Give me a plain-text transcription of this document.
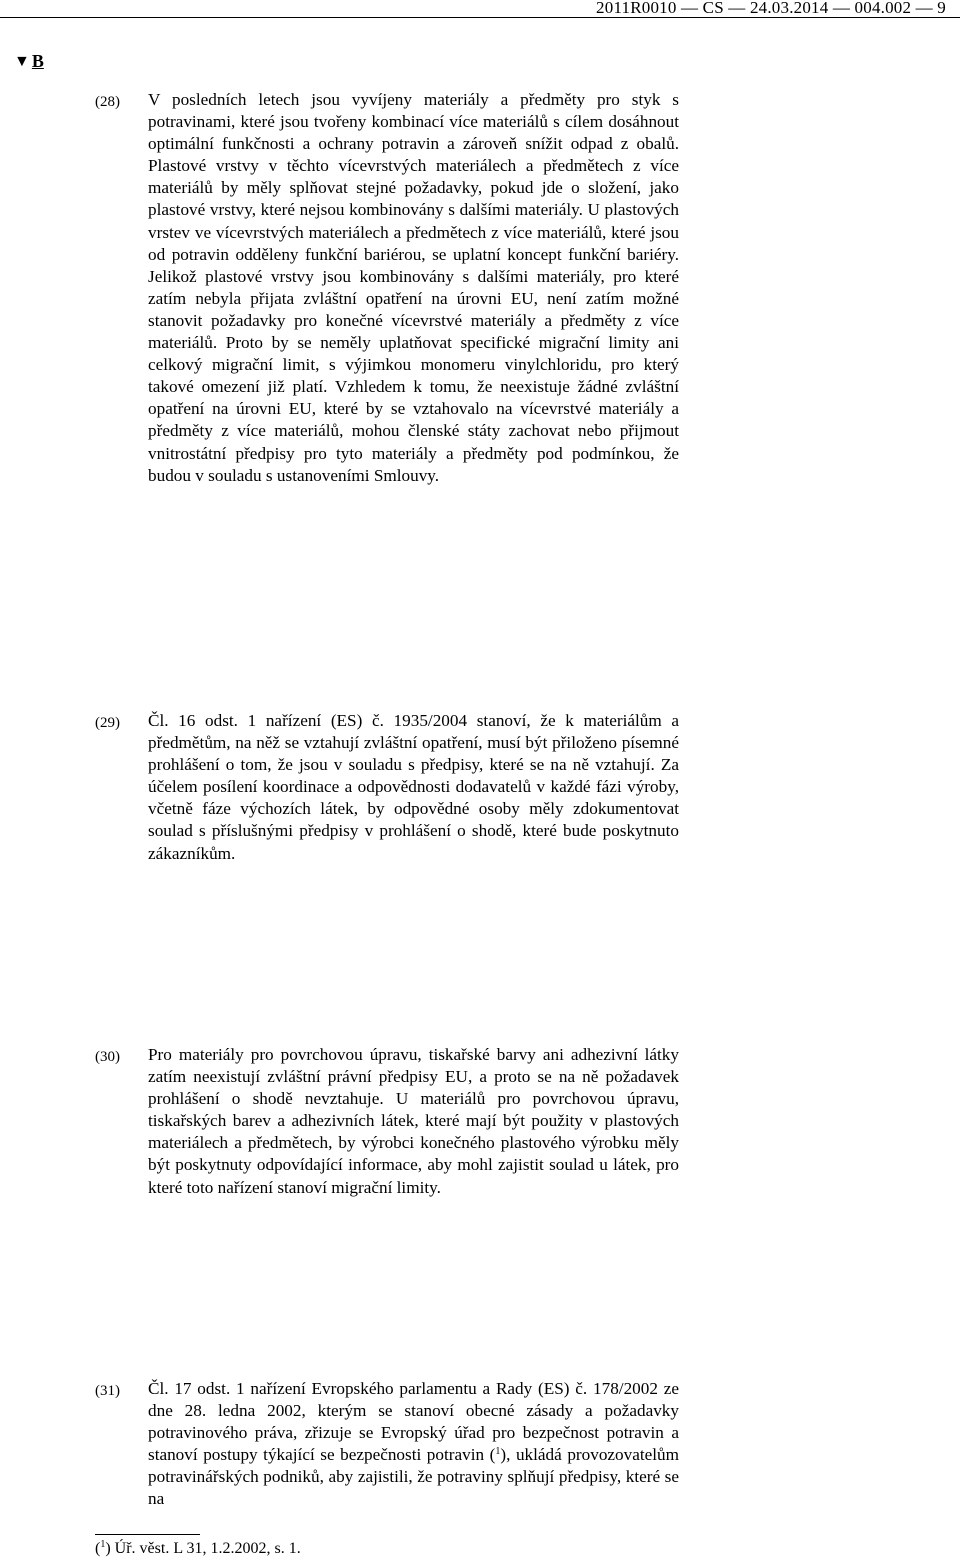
2011R0010 — CS — 24.03.2014 — 004.002 — 9
▼ B
(28) V posledních letech jsou vyvíjeny materiály a předměty pro styk s potravinami, které jsou tvořeny kombinací více materiálů s cílem dosáhnout optimální funkčnosti a ochrany potravin a zároveň snížit odpad z obalů. Plastové vrstvy v těchto vícevrstvých materiálech a předmětech z více materiálů by měly splňovat stejné požadavky, pokud jde o složení, jako plastové vrstvy, které nejsou kombinovány s dalšími materiály. U plastových vrstev ve vícevrstvých materiálech a předmětech z více materiálů, které jsou od potravin odděleny funkční bariérou, se uplatní koncept funkční bariéry. Jelikož plastové vrstvy jsou kombinovány s dalšími materiály, pro které zatím nebyla přijata zvláštní opatření na úrovni EU, není zatím možné stanovit požadavky pro konečné vícevrstvé materiály a předměty z více materiálů. Proto by se neměly uplatňovat specifické migrační limity ani celkový migrační limit, s výjimkou monomeru vinylchloridu, pro který takové omezení již platí. Vzhledem k tomu, že neexistuje žádné zvláštní opatření na úrovni EU, které by se vztahovalo na vícevrstvé materiály a předměty z více materiálů, mohou členské státy zachovat nebo přijmout vnitrostátní předpisy pro tyto materiály a předměty pod podmínkou, že budou v souladu s ustanoveními Smlouvy.
(29) Čl. 16 odst. 1 nařízení (ES) č. 1935/2004 stanoví, že k materiálům a předmětům, na něž se vztahují zvláštní opatření, musí být přiloženo písemné prohlášení o tom, že jsou v souladu s předpisy, které se na ně vztahují. Za účelem posílení koordinace a odpovědnosti dodavatelů v každé fázi výroby, včetně fáze výchozích látek, by odpovědné osoby měly zdokumentovat soulad s příslušnými předpisy v prohlášení o shodě, které bude poskytnuto zákazníkům.
(30) Pro materiály pro povrchovou úpravu, tiskařské barvy ani adhezivní látky zatím neexistují zvláštní právní předpisy EU, a proto se na ně požadavek prohlášení o shodě nevztahuje. U materiálů pro povrchovou úpravu, tiskařských barev a adhezivních látek, které mají být použity v plastových materiálech a předmětech, by výrobci konečného plastového výrobku měly být poskytnuty odpovídající informace, aby mohl zajistit soulad u látek, pro které toto nařízení stanoví migrační limity.
(31) Čl. 17 odst. 1 nařízení Evropského parlamentu a Rady (ES) č. 178/2002 ze dne 28. ledna 2002, kterým se stanoví obecné zásady a požadavky potravinového práva, zřizuje se Evropský úřad pro bezpečnost potravin a stanoví postupy týkající se bezpečnosti potravin ($^1$), ukládá provozovatelům potravinářských podniků, aby zajistili, že potraviny splňují předpisy, které se na
($^1$) Úř. věst. L 31, 1.2.2002, s. 1.
